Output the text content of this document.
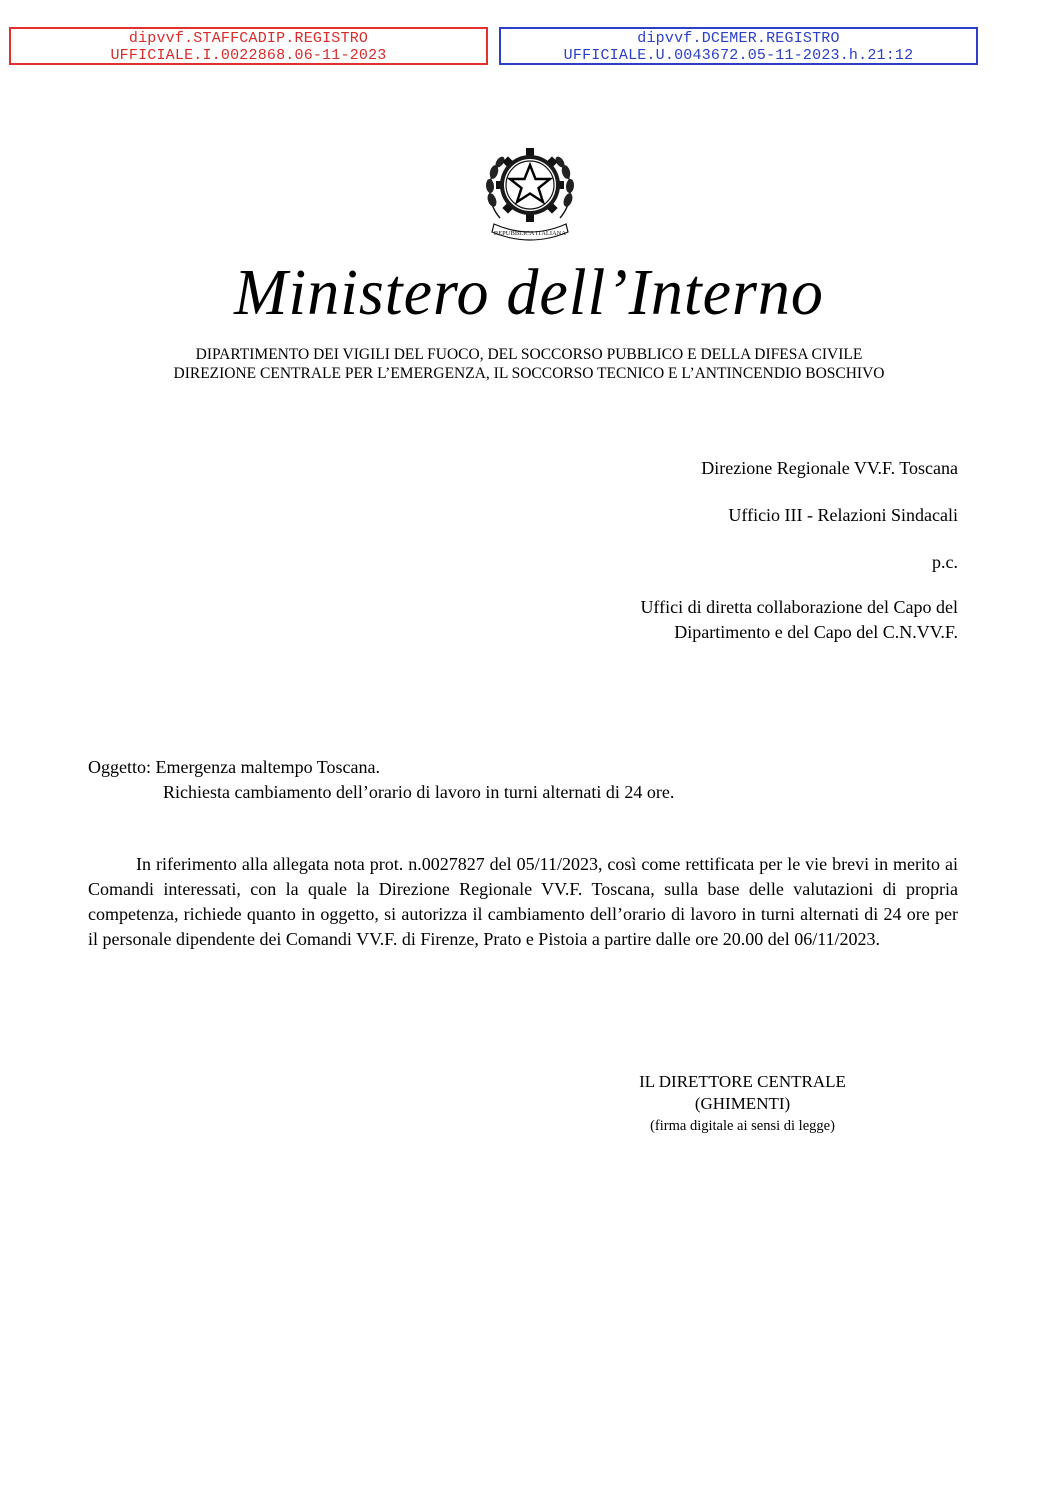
dipvvf.STAFFCADIP.REGISTRO
UFFICIALE.I.0022868.06-11-2023
dipvvf.DCEMER.REGISTRO
UFFICIALE.U.0043672.05-11-2023.h.21:12
REPUBBLICA ITALIANA
Ministero dell’Interno
DIPARTIMENTO DEI VIGILI DEL FUOCO, DEL SOCCORSO PUBBLICO E DELLA DIFESA CIVILE
DIREZIONE CENTRALE PER L’EMERGENZA, IL SOCCORSO TECNICO E L’ANTINCENDIO BOSCHIVO
Direzione Regionale VV.F. Toscana
Ufficio III - Relazioni Sindacali
p.c.
Uffici di diretta collaborazione del Capo del
Dipartimento e del Capo del C.N.VV.F.
Oggetto: Emergenza maltempo Toscana.
Richiesta cambiamento dell’orario di lavoro in turni alternati di 24 ore.
In riferimento alla allegata nota prot. n.0027827 del 05/11/2023, così come rettificata per le vie brevi in merito ai Comandi interessati, con la quale la Direzione Regionale VV.F. Toscana, sulla base delle valutazioni di propria competenza, richiede quanto in oggetto, si autorizza il cambiamento dell’orario di lavoro in turni alternati di 24 ore per il personale dipendente dei Comandi VV.F. di Firenze, Prato e Pistoia a partire dalle ore 20.00 del 06/11/2023.
IL DIRETTORE CENTRALE
(GHIMENTI)
(firma digitale ai sensi di legge)
